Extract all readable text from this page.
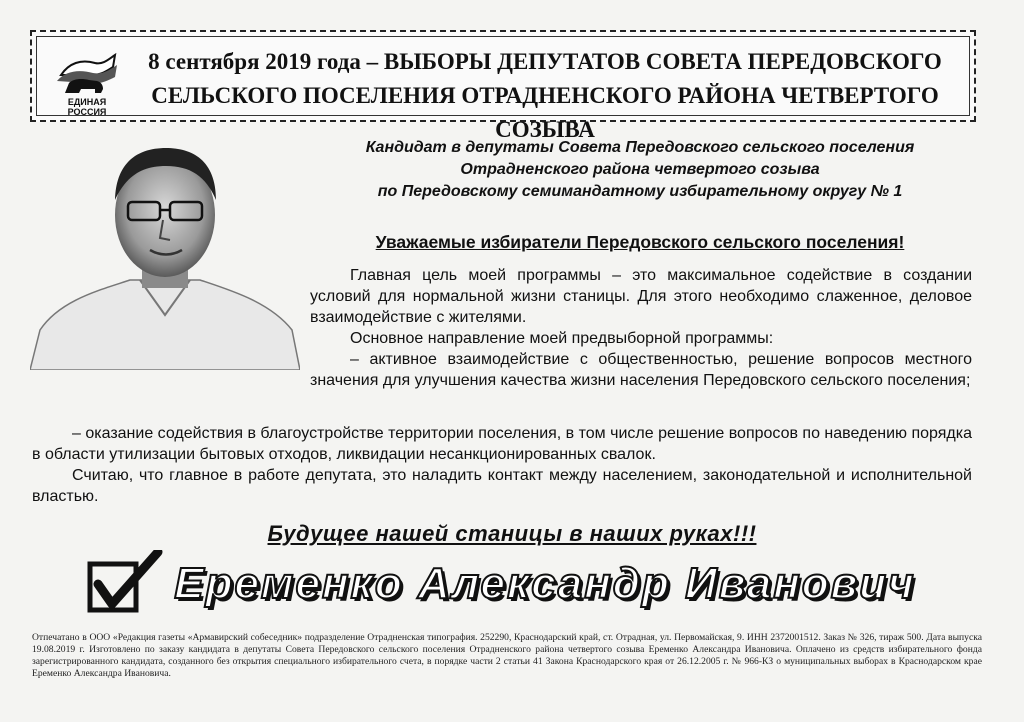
ЕДИНАЯ
РОССИЯ
8 сентября 2019 года – ВЫБОРЫ ДЕПУТАТОВ СОВЕТА ПЕРЕДОВСКОГО
СЕЛЬСКОГО ПОСЕЛЕНИЯ ОТРАДНЕНСКОГО РАЙОНА ЧЕТВЕРТОГО СОЗЫВА
Кандидат в депутаты Совета Передовского сельского поселения
Отрадненского района четвертого созыва
по Передовскому семимандатному избирательному округу № 1
Уважаемые избиратели Передовского сельского поселения!

Главная цель моей программы – это максимальное содействие в создании условий для нормальной жизни станицы. Для этого необходимо слаженное, деловое взаимодействие с жителями.

Основное направление моей предвыборной программы:

– активное взаимодействие с общественностью, решение вопросов местного значения для улучшения качества жизни населения Передовского сельского поселения;

– оказание содействия в благоустройстве территории поселения, в том числе решение вопросов по наведению порядка в области утилизации бытовых отходов, ликвидации несанкционированных свалок.

Считаю, что главное в работе депутата, это наладить контакт между населением, законодательной и исполнительной властью.

Будущее нашей станицы в наших руках!!!
Еременко Александр Иванович
Отпечатано в ООО «Редакция газеты «Армавирский собеседник» подразделение Отрадненская типография. 252290, Краснодарский край, ст. Отрадная, ул. Первомайская, 9. ИНН 2372001512. Заказ № 326, тираж 500. Дата выпуска 19.08.2019 г. Изготовлено по заказу кандидата в депутаты Совета Передовского сельского поселения Отрадненского района четвертого созыва Еременко Александра Ивановича. Оплачено из средств избирательного фонда зарегистрированного кандидата, созданного без открытия специального избирательного счета, в порядке части 2 статьи 41 Закона Краснодарского края от 26.12.2005 г. № 966-КЗ о муниципальных выборах в Краснодарском крае Еременко Александра Ивановича.
